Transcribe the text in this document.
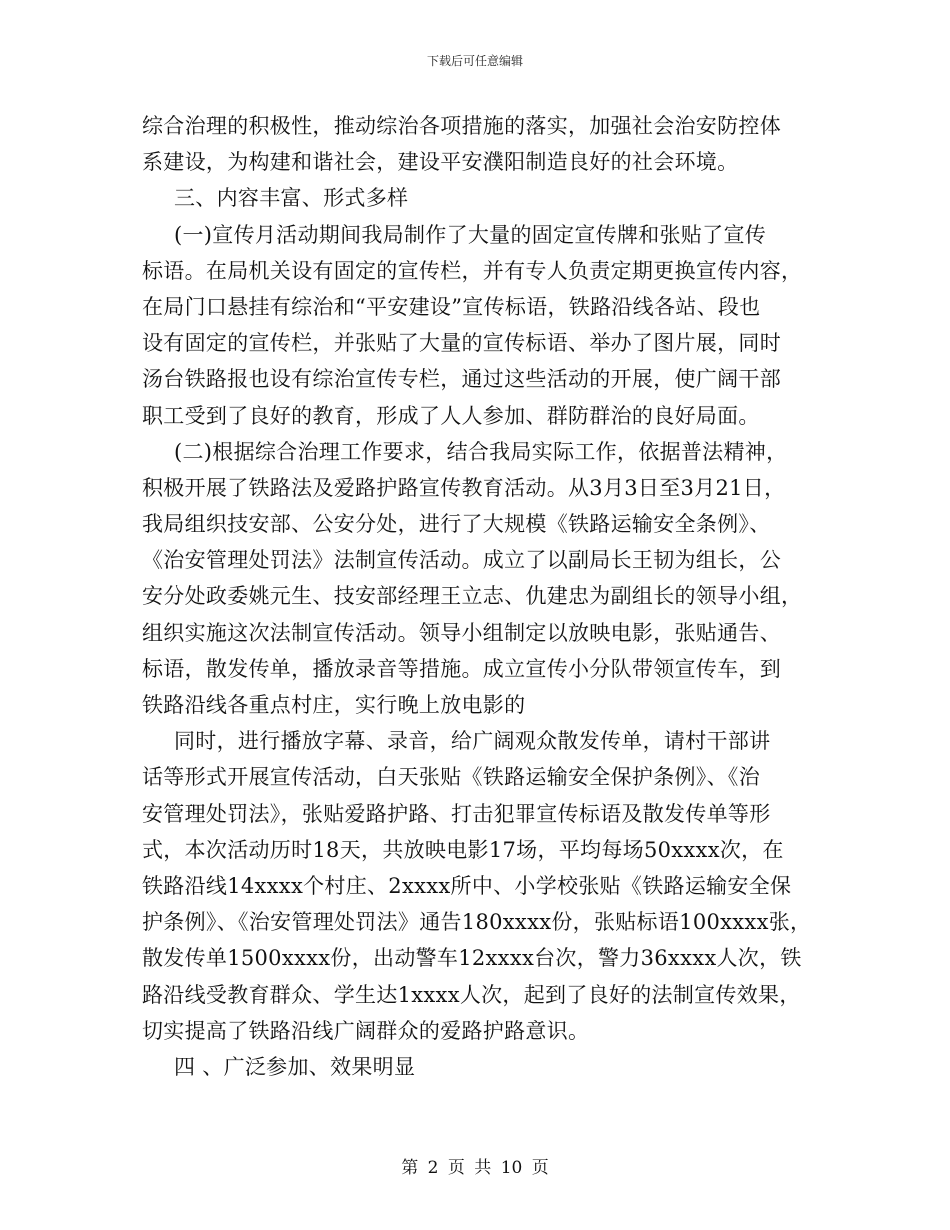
下载后可任意编辑
综合治理的积极性，推动综治各项措施的落实，加强社会治安防控体
系建设，为构建和谐社会，建设平安濮阳制造良好的社会环境。
三、内容丰富、形式多样
(一)宣传月活动期间我局制作了大量的固定宣传牌和张贴了宣传
标语。在局机关设有固定的宣传栏，并有专人负责定期更换宣传内容，
在局门口悬挂有综治和“平安建设”宣传标语，铁路沿线各站、段也
设有固定的宣传栏，并张贴了大量的宣传标语、举办了图片展，同时
汤台铁路报也设有综治宣传专栏，通过这些活动的开展，使广阔干部
职工受到了良好的教育，形成了人人参加、群防群治的良好局面。
(二)根据综合治理工作要求，结合我局实际工作，依据普法精神，
积极开展了铁路法及爱路护路宣传教育活动。从3月3日至3月21日，
我局组织技安部、公安分处，进行了大规模《铁路运输安全条例》、
《治安管理处罚法》法制宣传活动。成立了以副局长王韧为组长，公
安分处政委姚元生、技安部经理王立志、仇建忠为副组长的领导小组，
组织实施这次法制宣传活动。领导小组制定以放映电影，张贴通告、
标语，散发传单，播放录音等措施。成立宣传小分队带领宣传车，到
铁路沿线各重点村庄，实行晚上放电影的
同时，进行播放字幕、录音，给广阔观众散发传单，请村干部讲
话等形式开展宣传活动，白天张贴《铁路运输安全保护条例》、《治
安管理处罚法》，张贴爱路护路、打击犯罪宣传标语及散发传单等形
式，本次活动历时18天，共放映电影17场，平均每场50xxxx次，在
铁路沿线14xxxx个村庄、2xxxx所中、小学校张贴《铁路运输安全保
护条例》、《治安管理处罚法》通告180xxxx份，张贴标语100xxxx张，
散发传单1500xxxx份，出动警车12xxxx台次，警力36xxxx人次，铁
路沿线受教育群众、学生达1xxxx人次，起到了良好的法制宣传效果，
切实提高了铁路沿线广阔群众的爱路护路意识。
四 、广泛参加、效果明显
第 2 页 共 10 页
